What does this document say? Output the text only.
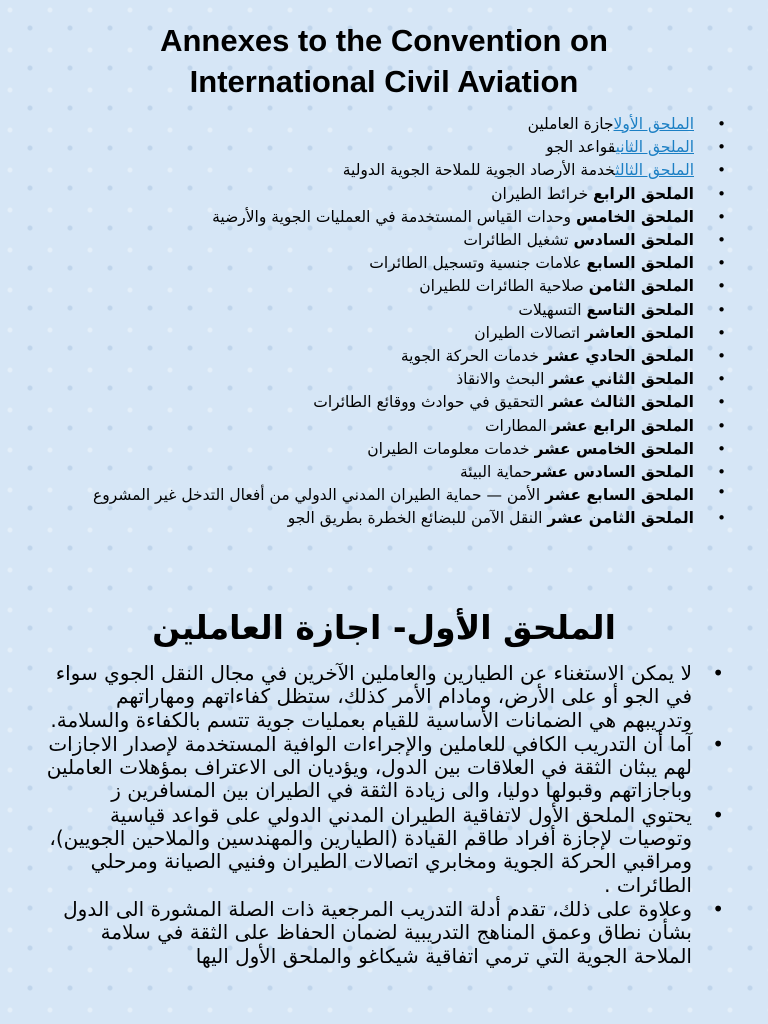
Annexes to the Convention on
International Civil Aviation
• الملحق الأولاجازة العاملين
• الملحق الثانيقواعد الجو
• الملحق الثالثخدمة الأرصاد الجوية للملاحة الجوية الدولية
• الملحق الرابع خرائط الطيران
• الملحق الخامس وحدات القياس المستخدمة في العمليات الجوية والأرضية
• الملحق السادس تشغيل الطائرات
• الملحق السابع علامات جنسية وتسجيل الطائرات
• الملحق الثامن صلاحية الطائرات للطيران
• الملحق التاسع التسهيلات
• الملحق العاشر اتصالات الطيران
• الملحق الحادي عشر خدمات الحركة الجوية
• الملحق الثاني عشر البحث والانقاذ
• الملحق الثالث عشر التحقيق في حوادث ووقائع الطائرات
• الملحق الرابع عشر المطارات
• الملحق الخامس عشر خدمات معلومات الطيران
• الملحق السادس عشرحماية البيئة
• الملحق السابع عشر الأمن — حماية الطيران المدني الدولي من أفعال التدخل غير المشروع
• الملحق الثامن عشر النقل الآمن للبضائع الخطرة بطريق الجو
الملحق الأول- اجازة العاملين
• لا يمكن الاستغناء عن الطيارين والعاملين الآخرين في مجال النقل الجوي سواء في الجو أو على الأرض، ومادام الأمر كذلك، ستظل كفاءاتهم ومهاراتهم وتدريبهم هي الضمانات الأساسية للقيام بعمليات جوية تتسم بالكفاءة والسلامة.
• آما أن التدريب الكافي للعاملين والإجراءات الوافية المستخدمة لإصدار الاجازات لهم يبثان الثقة في العلاقات بين الدول، ويؤديان الى الاعتراف بمؤهلات العاملين وباجازاتهم وقبولها دوليا، والى زيادة الثقة في الطيران بين المسافرين ز
• يحتوي الملحق الأول لاتفاقية الطيران المدني الدولي على قواعد قياسية وتوصيات لإجازة أفراد طاقم القيادة (الطيارين والمهندسين والملاحين الجويين)، ومراقبي الحركة الجوية ومخابري اتصالات الطيران وفنيي الصيانة ومرحلي الطائرات .
• وعلاوة على ذلك، تقدم أدلة التدريب المرجعية ذات الصلة المشورة الى الدول بشأن نطاق وعمق المناهج التدريبية لضمان الحفاظ على الثقة في سلامة الملاحة الجوية التي ترمي اتفاقية شيكاغو والملحق الأول اليها
